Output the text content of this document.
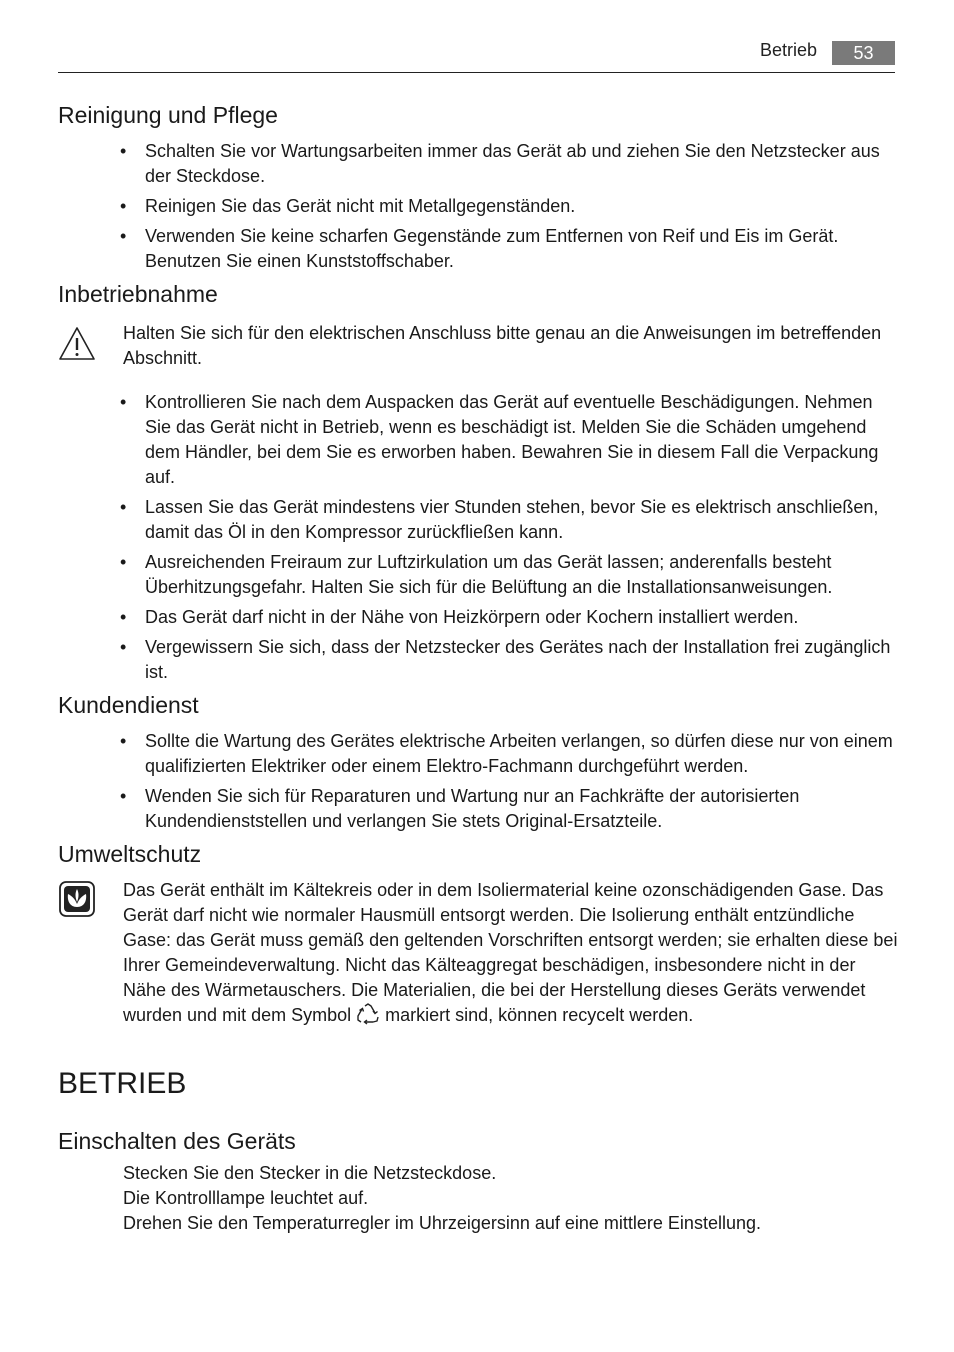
Betrieb	53
Reinigung und Pflege
• Schalten Sie vor Wartungsarbeiten immer das Gerät ab und ziehen Sie den Netzstecker aus der Steckdose.
• Reinigen Sie das Gerät nicht mit Metallgegenständen.
• Verwenden Sie keine scharfen Gegenstände zum Entfernen von Reif und Eis im Gerät. Benutzen Sie einen Kunststoffschaber.
Inbetriebnahme
Halten Sie sich für den elektrischen Anschluss bitte genau an die Anweisungen im betreffenden Abschnitt.
• Kontrollieren Sie nach dem Auspacken das Gerät auf eventuelle Beschädigungen. Nehmen Sie das Gerät nicht in Betrieb, wenn es beschädigt ist. Melden Sie die Schäden umgehend dem Händler, bei dem Sie es erworben haben. Bewahren Sie in diesem Fall die Verpackung auf.
• Lassen Sie das Gerät mindestens vier Stunden stehen, bevor Sie es elektrisch anschließen, damit das Öl in den Kompressor zurückfließen kann.
• Ausreichenden Freiraum zur Luftzirkulation um das Gerät lassen; anderenfalls besteht Überhitzungsgefahr. Halten Sie sich für die Belüftung an die Installationsanweisungen.
• Das Gerät darf nicht in der Nähe von Heizkörpern oder Kochern installiert werden.
• Vergewissern Sie sich, dass der Netzstecker des Gerätes nach der Installation frei zugänglich ist.
Kundendienst
• Sollte die Wartung des Gerätes elektrische Arbeiten verlangen, so dürfen diese nur von einem qualifizierten Elektriker oder einem Elektro-Fachmann durchgeführt werden.
• Wenden Sie sich für Reparaturen und Wartung nur an Fachkräfte der autorisierten Kundendienststellen und verlangen Sie stets Original-Ersatzteile.
Umweltschutz
Das Gerät enthält im Kältekreis oder in dem Isoliermaterial keine ozonschädigenden Gase. Das Gerät darf nicht wie normaler Hausmüll entsorgt werden. Die Isolierung enthält entzündliche Gase: das Gerät muss gemäß den geltenden Vorschriften entsorgt werden; sie erhalten diese bei Ihrer Gemeindeverwaltung. Nicht das Kälteaggregat beschädigen, insbesondere nicht in der Nähe des Wärmetauschers. Die Materialien, die bei der Herstellung dieses Geräts verwendet wurden und mit dem Symbol markiert sind, können recycelt werden.
BETRIEB
Einschalten des Geräts

Stecken Sie den Stecker in die Netzsteckdose.

Die Kontrolllampe leuchtet auf.

Drehen Sie den Temperaturregler im Uhrzeigersinn auf eine mittlere Einstellung.
